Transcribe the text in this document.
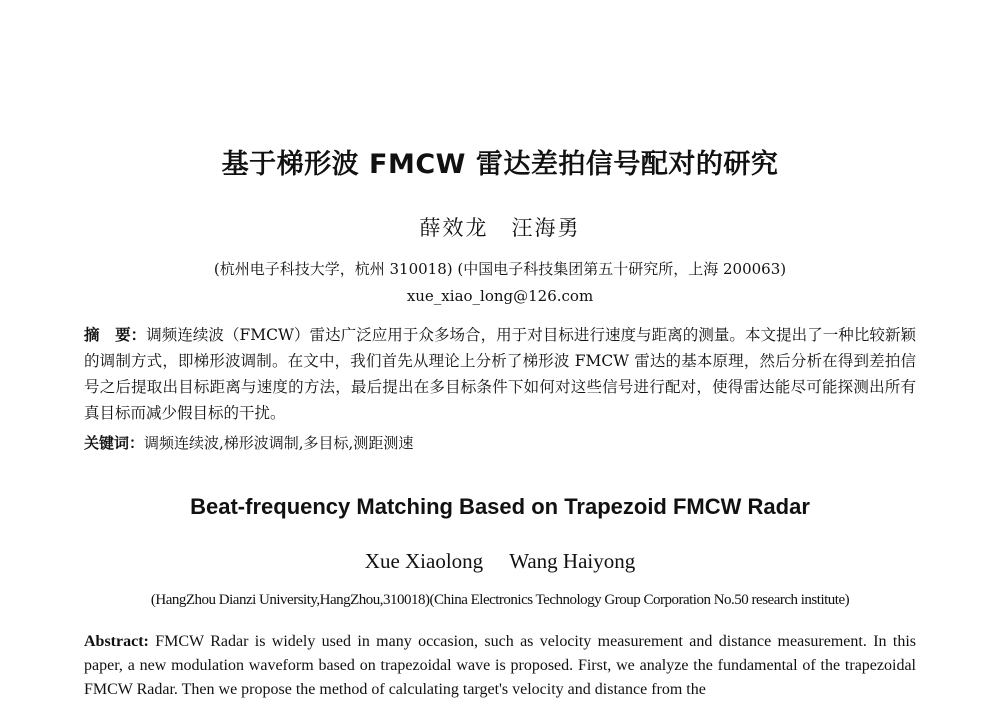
基于梯形波 FMCW 雷达差拍信号配对的研究
薛效龙　汪海勇
(杭州电子科技大学，杭州 310018) (中国电子科技集团第五十研究所，上海 200063)
xue_xiao_long@126.com

摘　要：调频连续波（FMCW）雷达广泛应用于众多场合，用于对目标进行速度与距离的测量。本文提出了一种比较新颖的调制方式，即梯形波调制。在文中，我们首先从理论上分析了梯形波 FMCW 雷达的基本原理，然后分析在得到差拍信号之后提取出目标距离与速度的方法，最后提出在多目标条件下如何对这些信号进行配对，使得雷达能尽可能探测出所有真目标而减少假目标的干扰。

关键词：调频连续波,梯形波调制,多目标,测距测速

Beat-frequency Matching Based on Trapezoid FMCW Radar
Xue Xiaolong Wang Haiyong
(HangZhou Dianzi University,HangZhou,310018)(China Electronics Technology Group Corporation No.50 research institute)

Abstract: FMCW Radar is widely used in many occasion, such as velocity measurement and distance measurement. In this paper, a new modulation waveform based on trapezoidal wave is proposed. First, we analyze the fundamental of the trapezoidal FMCW Radar. Then we propose the method of calculating target's velocity and distance from the
